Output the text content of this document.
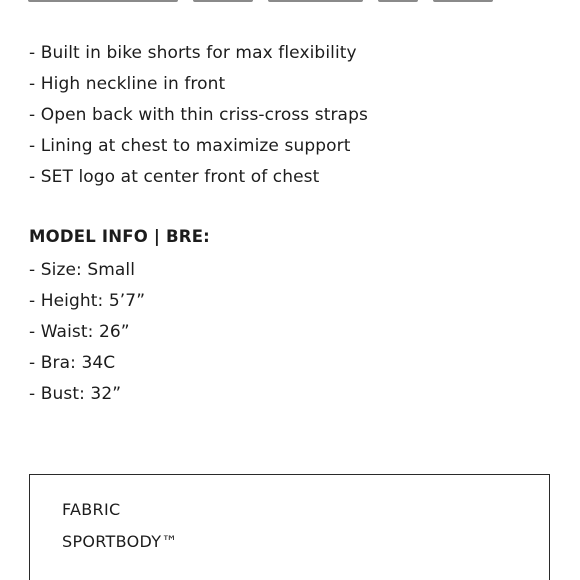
- Built in bike shorts for max flexibility
- High neckline in front
- Open back with thin criss-cross straps
- Lining at chest to maximize support
- SET logo at center front of chest
MODEL INFO | BRE:
- Size: Small
- Height: 5’7”
- Waist: 26”
- Bra: 34C
- Bust: 32”
FABRIC
SPORTBODY™
